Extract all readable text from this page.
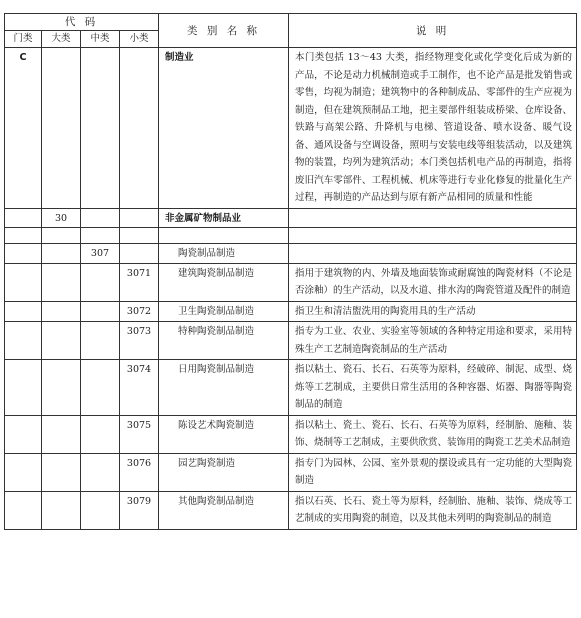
代 码				类 别 名 称	说 明
门类	大类	中类	小类		
C				制造业	本门类包括 13～43 大类，指经物理变化或化学变化后成为新的产品，不论是动力机械制造或手工制作，也不论产品是批发销售或零售，均视为制造；建筑物中的各种制成品、零部件的生产应视为制造，但在建筑预制品工地，把主要部件组装成桥梁、仓库设备、铁路与高架公路、升降机与电梯、管道设备、喷水设备、暖气设备、通风设备与空调设备，照明与安装电线等组装活动，以及建筑物的装置，均列为建筑活动；本门类包括机电产品的再制造，指将废旧汽车零部件、工程机械、机床等进行专业化修复的批量化生产过程，再制造的产品达到与原有新产品相同的质量和性能
	30			非金属矿物制品业	

		307		陶瓷制品制造	
			3071	建筑陶瓷制品制造	指用于建筑物的内、外墙及地面装饰或耐腐蚀的陶瓷材料（不论是否涂釉）的生产活动，以及水道、排水沟的陶瓷管道及配件的制造
			3072	卫生陶瓷制品制造	指卫生和清洁盥洗用的陶瓷用具的生产活动
			3073	特种陶瓷制品制造	指专为工业、农业、实验室等领域的各种特定用途和要求，采用特殊生产工艺制造陶瓷制品的生产活动
			3074	日用陶瓷制品制造	指以粘土、瓷石、长石、石英等为原料，经破碎、制泥、成型、烧炼等工艺制成，主要供日常生活用的各种容器、炻器、陶器等陶瓷制品的制造
			3075	陈设艺术陶瓷制造	指以粘土、瓷土、瓷石、长石、石英等为原料，经制胎、施釉、装饰、烧制等工艺制成，主要供欣赏、装饰用的陶瓷工艺美术品制造
			3076	园艺陶瓷制造	指专门为园林、公园、室外景观的摆设或具有一定功能的大型陶瓷制造
			3079	其他陶瓷制品制造	指以石英、长石、瓷土等为原料，经制胎、施釉、装饰、烧成等工艺制成的实用陶瓷的制造，以及其他未列明的陶瓷制品的制造
